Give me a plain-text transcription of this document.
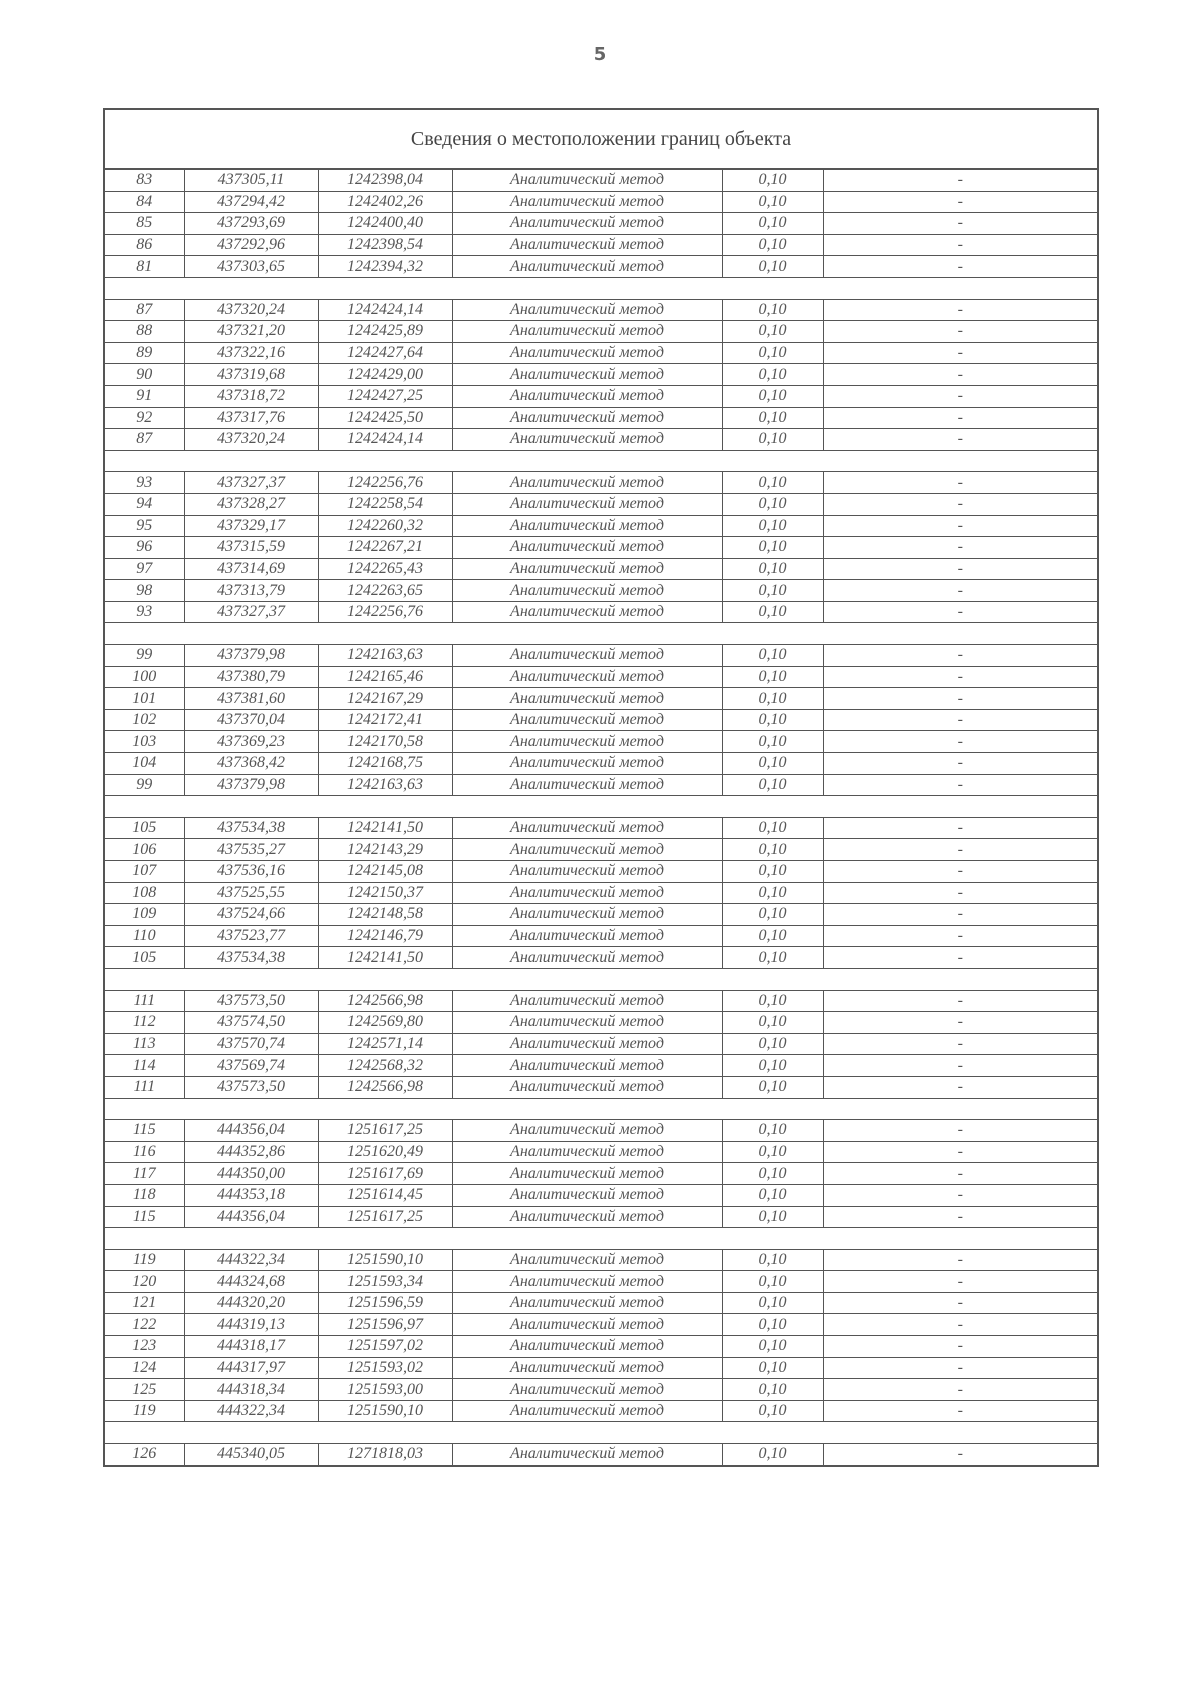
5
Сведения о местоположении границ объекта
83	437305,11	1242398,04	Аналитический метод	0,10	-
84	437294,42	1242402,26	Аналитический метод	0,10	-
85	437293,69	1242400,40	Аналитический метод	0,10	-
86	437292,96	1242398,54	Аналитический метод	0,10	-
81	437303,65	1242394,32	Аналитический метод	0,10	-

87	437320,24	1242424,14	Аналитический метод	0,10	-
88	437321,20	1242425,89	Аналитический метод	0,10	-
89	437322,16	1242427,64	Аналитический метод	0,10	-
90	437319,68	1242429,00	Аналитический метод	0,10	-
91	437318,72	1242427,25	Аналитический метод	0,10	-
92	437317,76	1242425,50	Аналитический метод	0,10	-
87	437320,24	1242424,14	Аналитический метод	0,10	-

93	437327,37	1242256,76	Аналитический метод	0,10	-
94	437328,27	1242258,54	Аналитический метод	0,10	-
95	437329,17	1242260,32	Аналитический метод	0,10	-
96	437315,59	1242267,21	Аналитический метод	0,10	-
97	437314,69	1242265,43	Аналитический метод	0,10	-
98	437313,79	1242263,65	Аналитический метод	0,10	-
93	437327,37	1242256,76	Аналитический метод	0,10	-

99	437379,98	1242163,63	Аналитический метод	0,10	-
100	437380,79	1242165,46	Аналитический метод	0,10	-
101	437381,60	1242167,29	Аналитический метод	0,10	-
102	437370,04	1242172,41	Аналитический метод	0,10	-
103	437369,23	1242170,58	Аналитический метод	0,10	-
104	437368,42	1242168,75	Аналитический метод	0,10	-
99	437379,98	1242163,63	Аналитический метод	0,10	-

105	437534,38	1242141,50	Аналитический метод	0,10	-
106	437535,27	1242143,29	Аналитический метод	0,10	-
107	437536,16	1242145,08	Аналитический метод	0,10	-
108	437525,55	1242150,37	Аналитический метод	0,10	-
109	437524,66	1242148,58	Аналитический метод	0,10	-
110	437523,77	1242146,79	Аналитический метод	0,10	-
105	437534,38	1242141,50	Аналитический метод	0,10	-

111	437573,50	1242566,98	Аналитический метод	0,10	-
112	437574,50	1242569,80	Аналитический метод	0,10	-
113	437570,74	1242571,14	Аналитический метод	0,10	-
114	437569,74	1242568,32	Аналитический метод	0,10	-
111	437573,50	1242566,98	Аналитический метод	0,10	-

115	444356,04	1251617,25	Аналитический метод	0,10	-
116	444352,86	1251620,49	Аналитический метод	0,10	-
117	444350,00	1251617,69	Аналитический метод	0,10	-
118	444353,18	1251614,45	Аналитический метод	0,10	-
115	444356,04	1251617,25	Аналитический метод	0,10	-

119	444322,34	1251590,10	Аналитический метод	0,10	-
120	444324,68	1251593,34	Аналитический метод	0,10	-
121	444320,20	1251596,59	Аналитический метод	0,10	-
122	444319,13	1251596,97	Аналитический метод	0,10	-
123	444318,17	1251597,02	Аналитический метод	0,10	-
124	444317,97	1251593,02	Аналитический метод	0,10	-
125	444318,34	1251593,00	Аналитический метод	0,10	-
119	444322,34	1251590,10	Аналитический метод	0,10	-

126	445340,05	1271818,03	Аналитический метод	0,10	-
